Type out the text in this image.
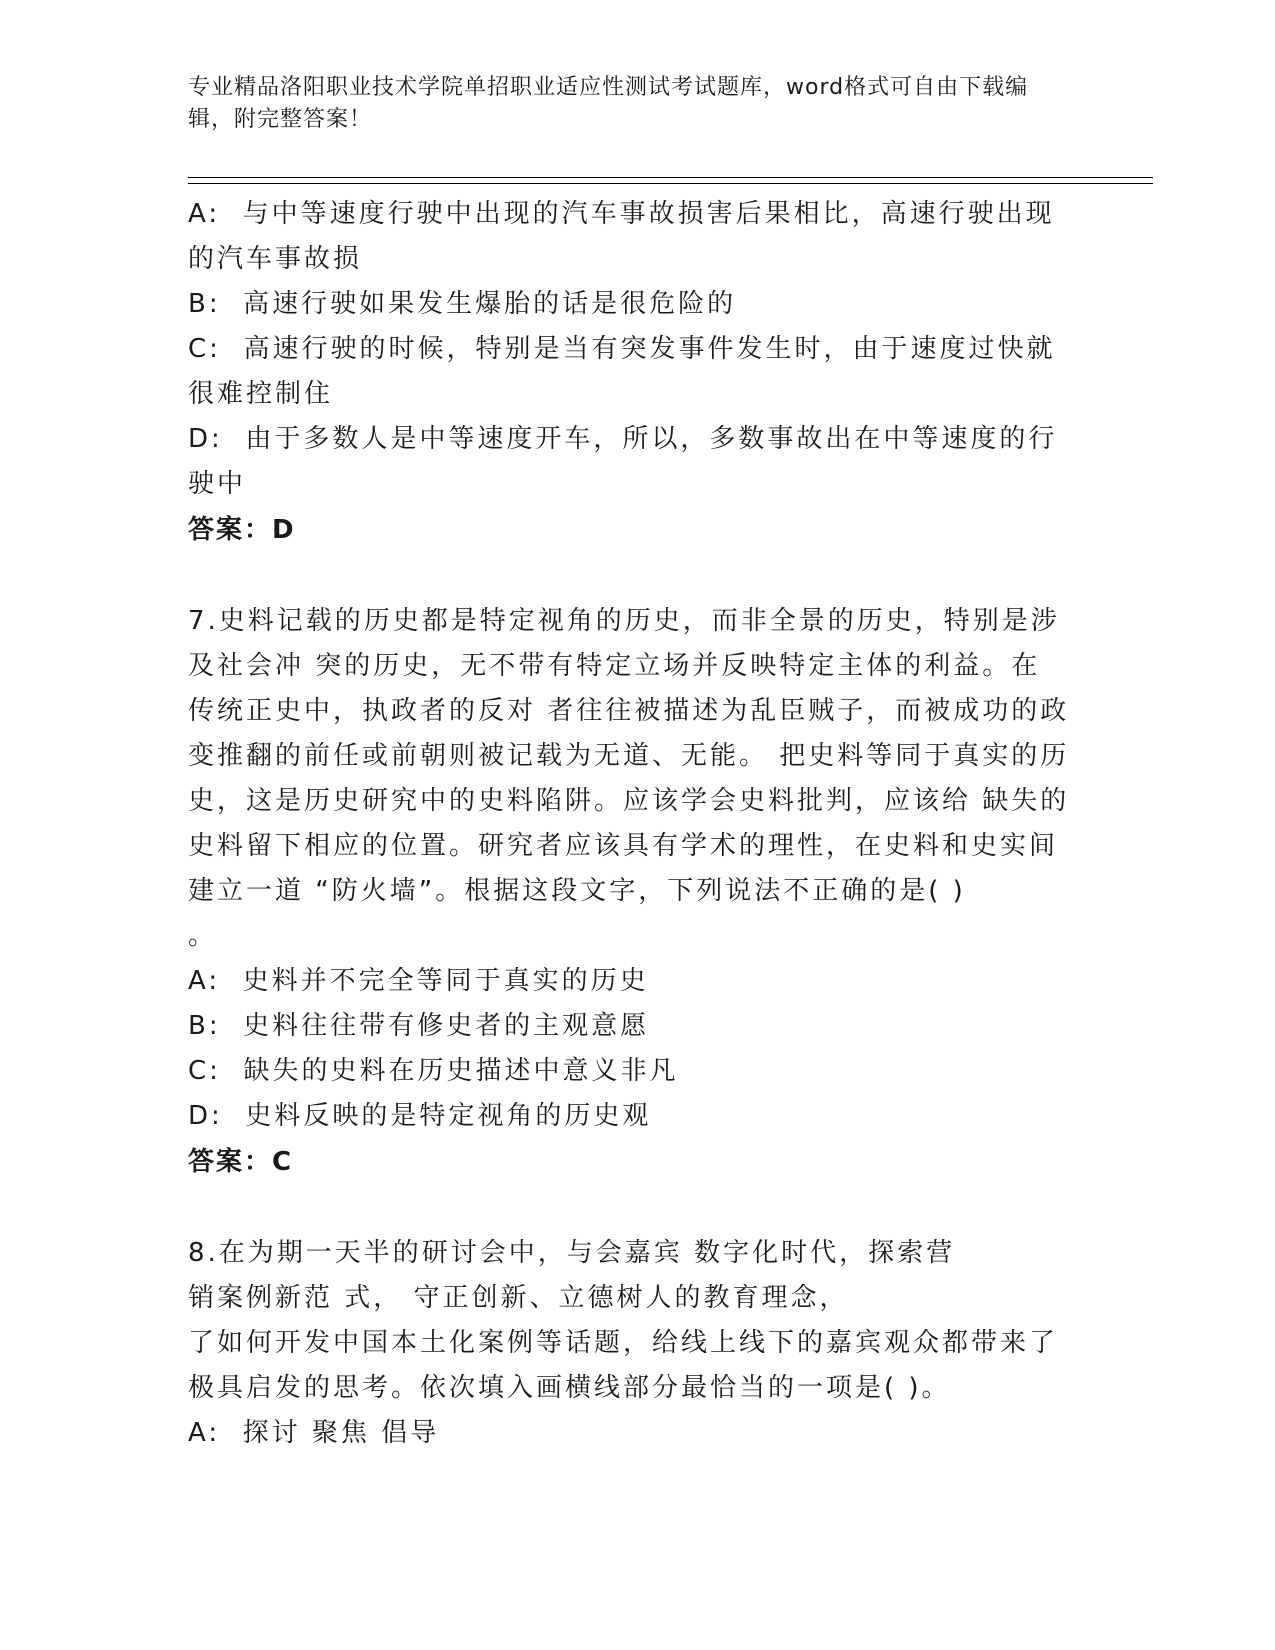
专业精品洛阳职业技术学院单招职业适应性测试考试题库，word格式可自由下载编辑，附完整答案！
A: 与中等速度行驶中出现的汽车事故损害后果相比，高速行驶出现
的汽车事故损
B: 高速行驶如果发生爆胎的话是很危险的
C: 高速行驶的时候，特别是当有突发事件发生时，由于速度过快就
很难控制住
D: 由于多数人是中等速度开车，所以，多数事故出在中等速度的行
驶中
答案：D
7.史料记载的历史都是特定视角的历史，而非全景的历史，特别是涉
及社会冲 突的历史，无不带有特定立场并反映特定主体的利益。在
传统正史中，执政者的反对 者往往被描述为乱臣贼子，而被成功的政
变推翻的前任或前朝则被记载为无道、无能。 把史料等同于真实的历
史，这是历史研究中的史料陷阱。应该学会史料批判，应该给 缺失的
史料留下相应的位置。研究者应该具有学术的理性，在史料和史实间
建立一道 “防火墙”。根据这段文字，下列说法不正确的是( )
。
A: 史料并不完全等同于真实的历史
B: 史料往往带有修史者的主观意愿
C: 缺失的史料在历史描述中意义非凡
D: 史料反映的是特定视角的历史观
答案：C
8.在为期一天半的研讨会中，与会嘉宾 数字化时代，探索营
销案例新范 式， 守正创新、立德树人的教育理念，
了如何开发中国本土化案例等话题，给线上线下的嘉宾观众都带来了
极具启发的思考。依次填入画横线部分最恰当的一项是( )。
A: 探讨 聚焦 倡导
